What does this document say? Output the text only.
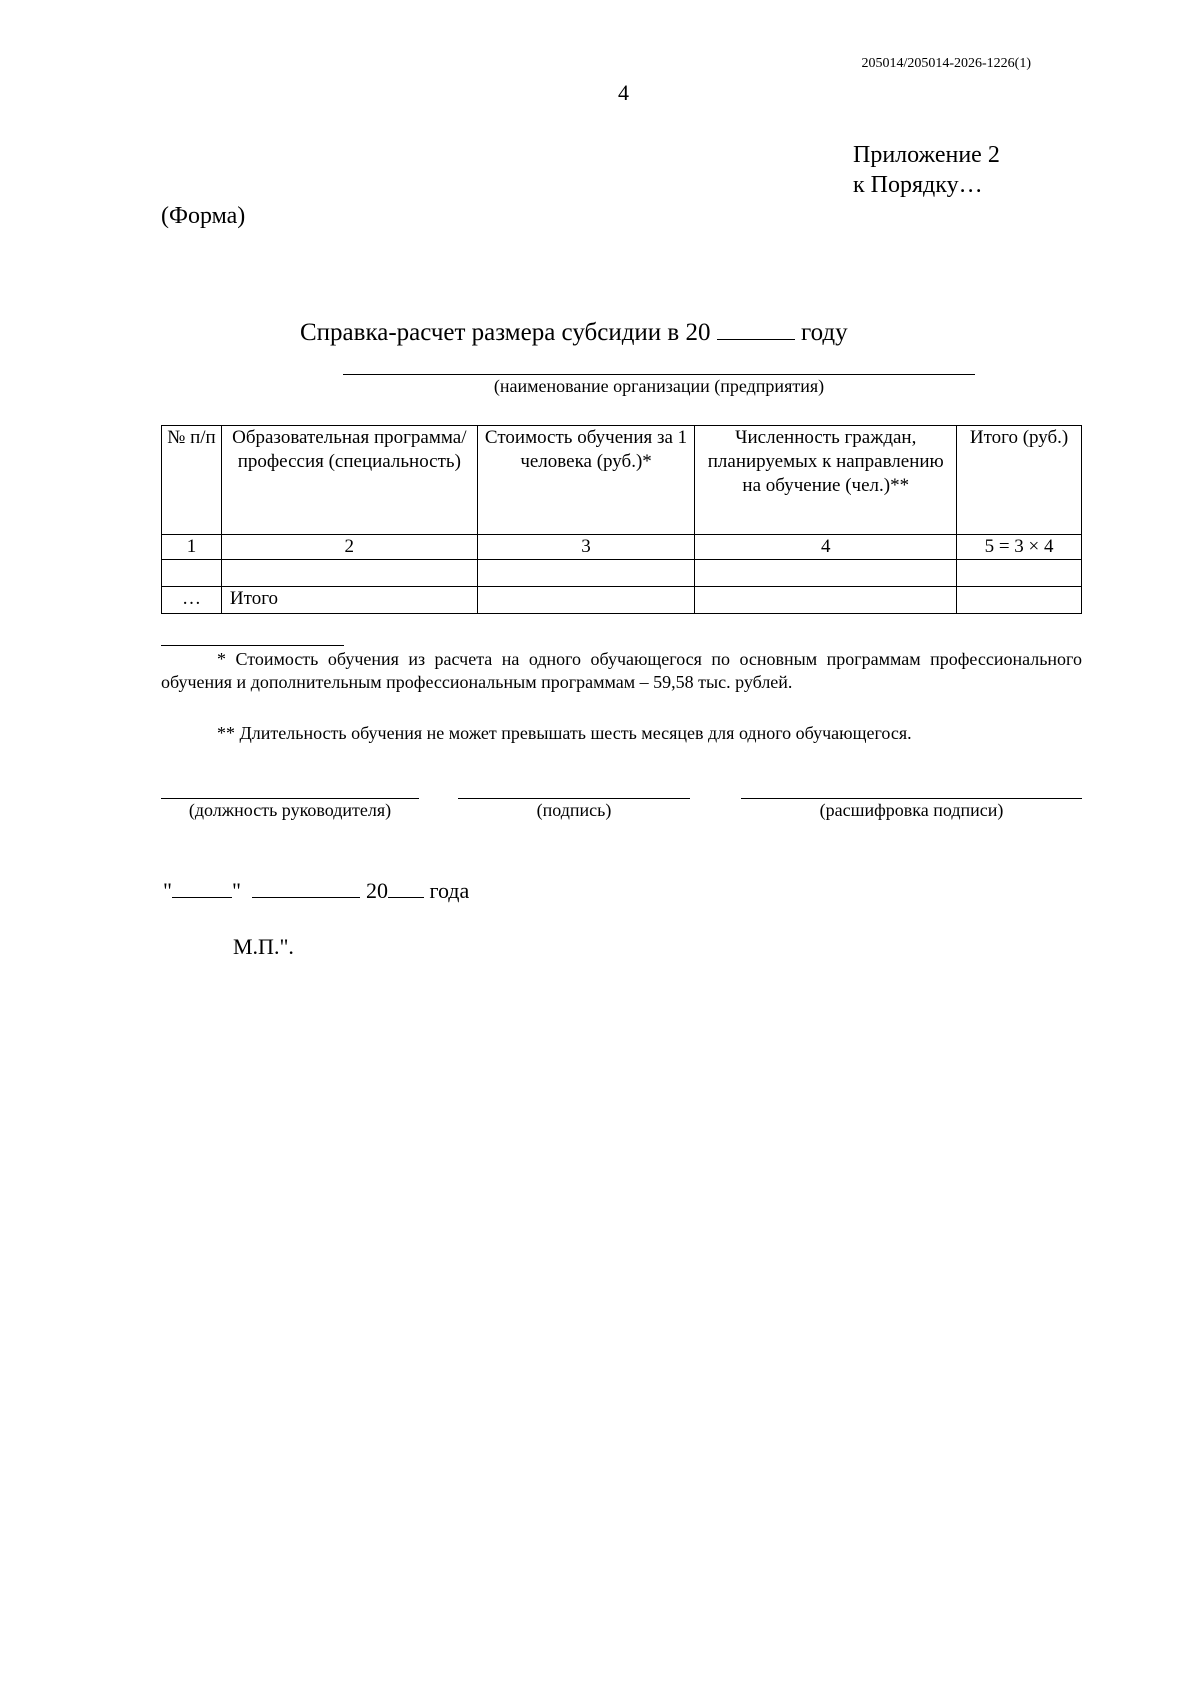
205014/205014-2026-1226(1)
4
Приложение 2
к Порядку…
(Форма)
Справка-расчет размера субсидии в 20	году
(наименование организации (предприятия)
№ п/п	Образовательная программа/профессия (специальность)	Стоимость обучения за 1 человека (руб.)*	Численность граждан, планируемых к направлению на обучение (чел.)**	Итого (руб.)
1	2	3	4	5 = 3 × 4

…	Итого			
* Стоимость обучения из расчета на одного обучающегося по основным программам профессионального обучения и дополнительным профессиональным программам – 59,58 тыс. рублей.
** Длительность обучения не может превышать шесть месяцев для одного обучающегося.
(должность руководителя)	(подпись)	(расшифровка подписи)
"	"	20 года
М.П.".
